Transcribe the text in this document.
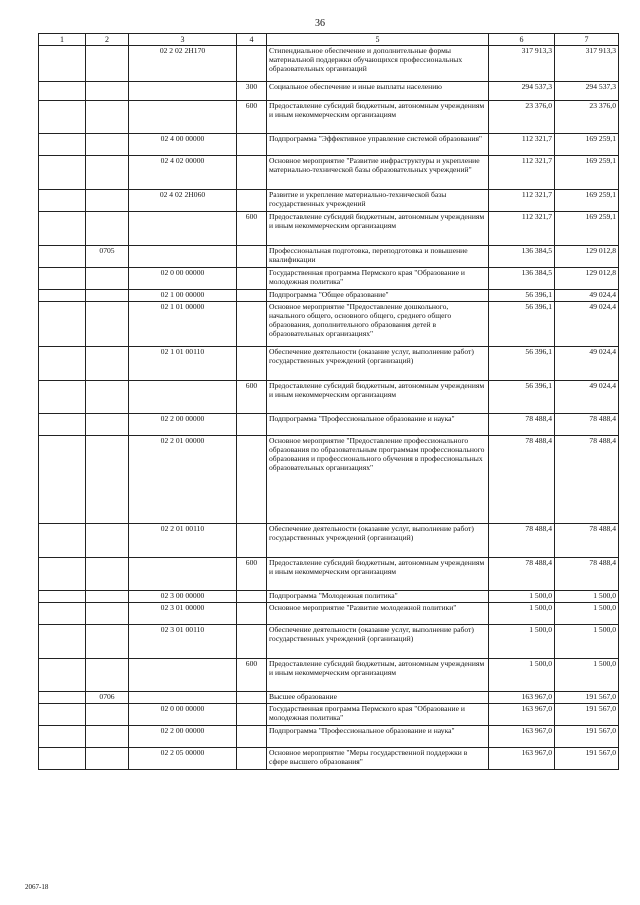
36
1	2	3	4	5	6	7
		02 2 02 2Н170		Стипендиальное обеспечение и дополнительные формы материальной поддержки обучающихся профессиональных образовательных организаций	317 913,3	317 913,3
			300	Социальное обеспечение и иные выплаты населению	294 537,3	294 537,3
			600	Предоставление субсидий бюджетным, автономным учреждениям и иным некоммерческим организациям	23 376,0	23 376,0
		02 4 00 00000		Подпрограмма "Эффективное управление системой образования"	112 321,7	169 259,1
		02 4 02 00000		Основное мероприятие "Развитие инфраструктуры и укрепление материально-технической базы образовательных учреждений"	112 321,7	169 259,1
		02 4 02 2Н060		Развитие и укрепление материально-технической базы государственных учреждений	112 321,7	169 259,1
			600	Предоставление субсидий бюджетным, автономным учреждениям и иным некоммерческим организациям	112 321,7	169 259,1
	0705			Профессиональная подготовка, переподготовка и повышение квалификации	136 384,5	129 012,8
		02 0 00 00000		Государственная программа Пермского края "Образование и молодежная политика"	136 384,5	129 012,8
		02 1 00 00000		Подпрограмма "Общее образование"	56 396,1	49 024,4
		02 1 01 00000		Основное мероприятие "Предоставление дошкольного, начального общего, основного общего, среднего общего образования, дополнительного образования детей в образовательных организациях"	56 396,1	49 024,4
		02 1 01 00110		Обеспечение деятельности (оказание услуг, выполнение работ) государственных учреждений (организаций)	56 396,1	49 024,4
			600	Предоставление субсидий бюджетным, автономным учреждениям и иным некоммерческим организациям	56 396,1	49 024,4
		02 2 00 00000		Подпрограмма "Профессиональное образование и наука"	78 488,4	78 488,4
		02 2 01 00000		Основное мероприятие "Предоставление профессионального образования по образовательным программам профессионального образования и профессионального обучения в профессиональных образовательных организациях"	78 488,4	78 488,4
		02 2 01 00110		Обеспечение деятельности (оказание услуг, выполнение работ) государственных учреждений (организаций)	78 488,4	78 488,4
			600	Предоставление субсидий бюджетным, автономным учреждениям и иным некоммерческим организациям	78 488,4	78 488,4
		02 3 00 00000		Подпрограмма "Молодежная политика"	1 500,0	1 500,0
		02 3 01 00000		Основное мероприятие "Развитие молодежной политики"	1 500,0	1 500,0
		02 3 01 00110		Обеспечение деятельности (оказание услуг, выполнение работ) государственных учреждений (организаций)	1 500,0	1 500,0
			600	Предоставление субсидий бюджетным, автономным учреждениям и иным некоммерческим организациям	1 500,0	1 500,0
	0706			Высшее образование	163 967,0	191 567,0
		02 0 00 00000		Государственная программа Пермского края "Образование и молодежная политика"	163 967,0	191 567,0
		02 2 00 00000		Подпрограмма "Профессиональное образование и наука"	163 967,0	191 567,0
		02 2 05 00000		Основное мероприятие "Меры государственной поддержки в сфере высшего образования"	163 967,0	191 567,0
2067-18
